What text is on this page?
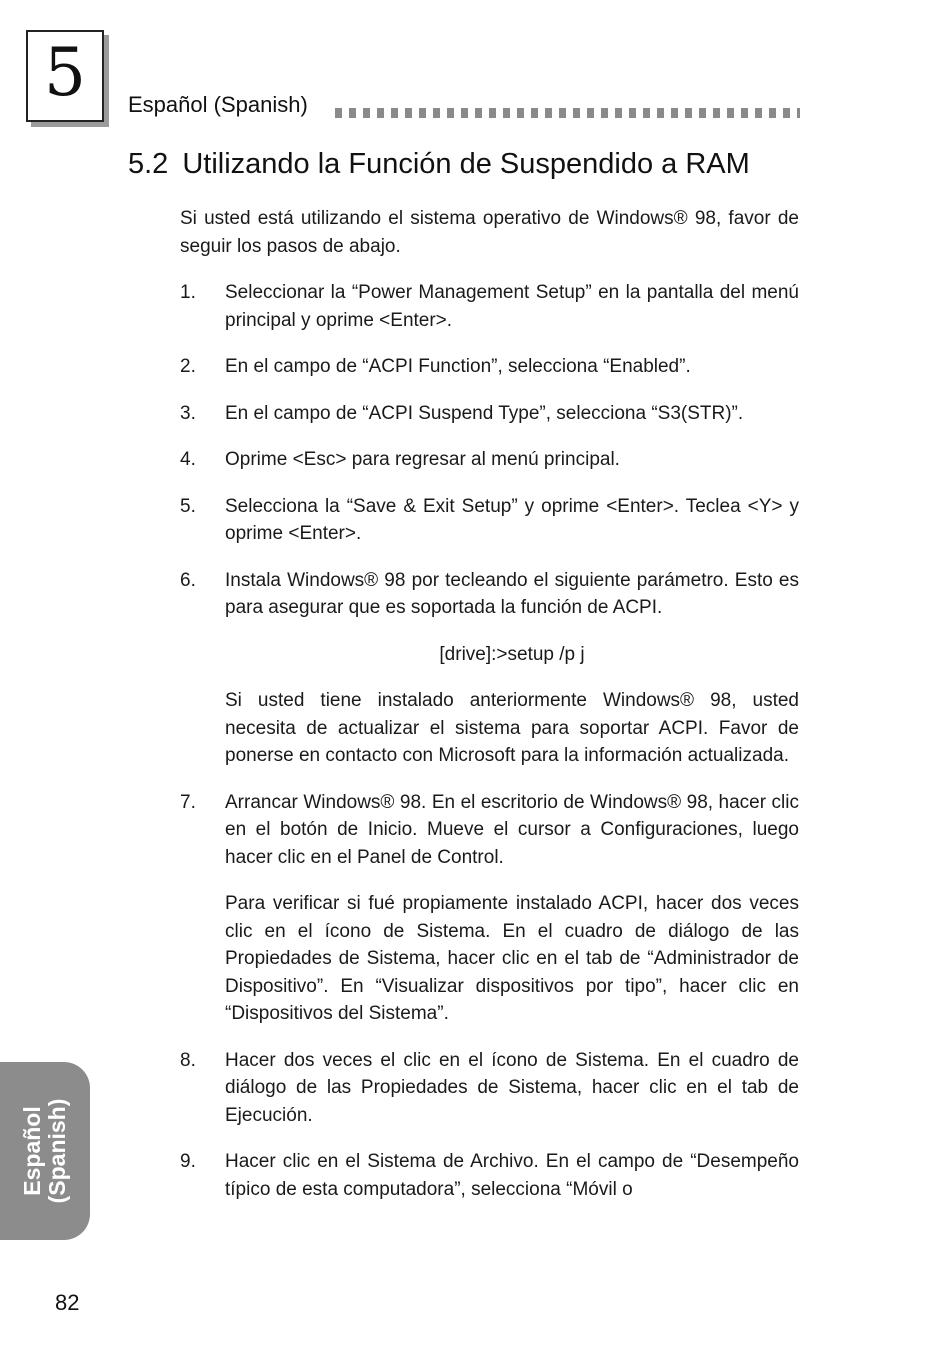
5	Español (Spanish)
5.2 Utilizando la Función de Suspendido a RAM

Si usted está utilizando el sistema operativo de Windows® 98, favor de seguir los pasos de abajo.

1. Seleccionar la “Power Management Setup” en la pantalla del menú principal y oprime <Enter>.

2. En el campo de “ACPI Function”, selecciona “Enabled”.

3. En el campo de “ACPI Suspend Type”, selecciona “S3(STR)”.

4. Oprime <Esc> para regresar al menú principal.

5. Selecciona la “Save & Exit Setup” y oprime <Enter>. Teclea <Y> y oprime <Enter>.

6. Instala Windows® 98 por tecleando el siguiente parámetro. Esto es para asegurar que es soportada la función de ACPI.

[drive]:>setup /p j

Si usted tiene instalado anteriormente Windows® 98, usted necesita de actualizar el sistema para soportar ACPI. Favor de ponerse en contacto con Microsoft para la información actualizada.

7. Arrancar Windows® 98. En el escritorio de Windows® 98, hacer clic en el botón de Inicio. Mueve el cursor a Configuraciones, luego hacer clic en el Panel de Control.

Para verificar si fué propiamente instalado ACPI, hacer dos veces clic en el ícono de Sistema. En el cuadro de diálogo de las Propiedades de Sistema, hacer clic en el tab de “Administrador de Dispositivo”. En “Visualizar dispositivos por tipo”, hacer clic en “Dispositivos del Sistema”.

8. Hacer dos veces el clic en el ícono de Sistema. En el cuadro de diálogo de las Propiedades de Sistema, hacer clic en el tab de Ejecución.

9. Hacer clic en el Sistema de Archivo. En el campo de “Desempeño típico de esta computadora”, selecciona “Móvil o

Español (Spanish)
82
